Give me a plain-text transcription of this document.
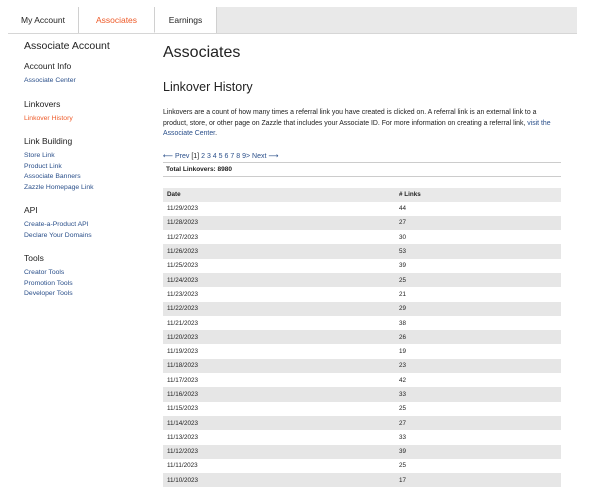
My Account	Associates	Earnings
Associate Account
Account Info
Associate Center
Linkovers
Linkover History
Link Building
Store Link
Product Link
Associate Banners
Zazzle Homepage Link
API
Create-a-Product API
Declare Your Domains
Tools
Creator Tools
Promotion Tools
Developer Tools
Associates
Linkover History
Linkovers are a count of how many times a referral link you have created is clicked on. A referral link is an external link to a product, store, or other page on Zazzle that includes your Associate ID. For more information on creating a referral link, visit the Associate Center.
⟵ Prev [1] 2 3 4 5 6 7 8 9> Next ⟶
Total Linkovers: 8980
Date	# Links
11/29/2023	44
11/28/2023	27
11/27/2023	30
11/26/2023	53
11/25/2023	39
11/24/2023	25
11/23/2023	21
11/22/2023	29
11/21/2023	38
11/20/2023	26
11/19/2023	19
11/18/2023	23
11/17/2023	42
11/16/2023	33
11/15/2023	25
11/14/2023	27
11/13/2023	33
11/12/2023	39
11/11/2023	25
11/10/2023	17
